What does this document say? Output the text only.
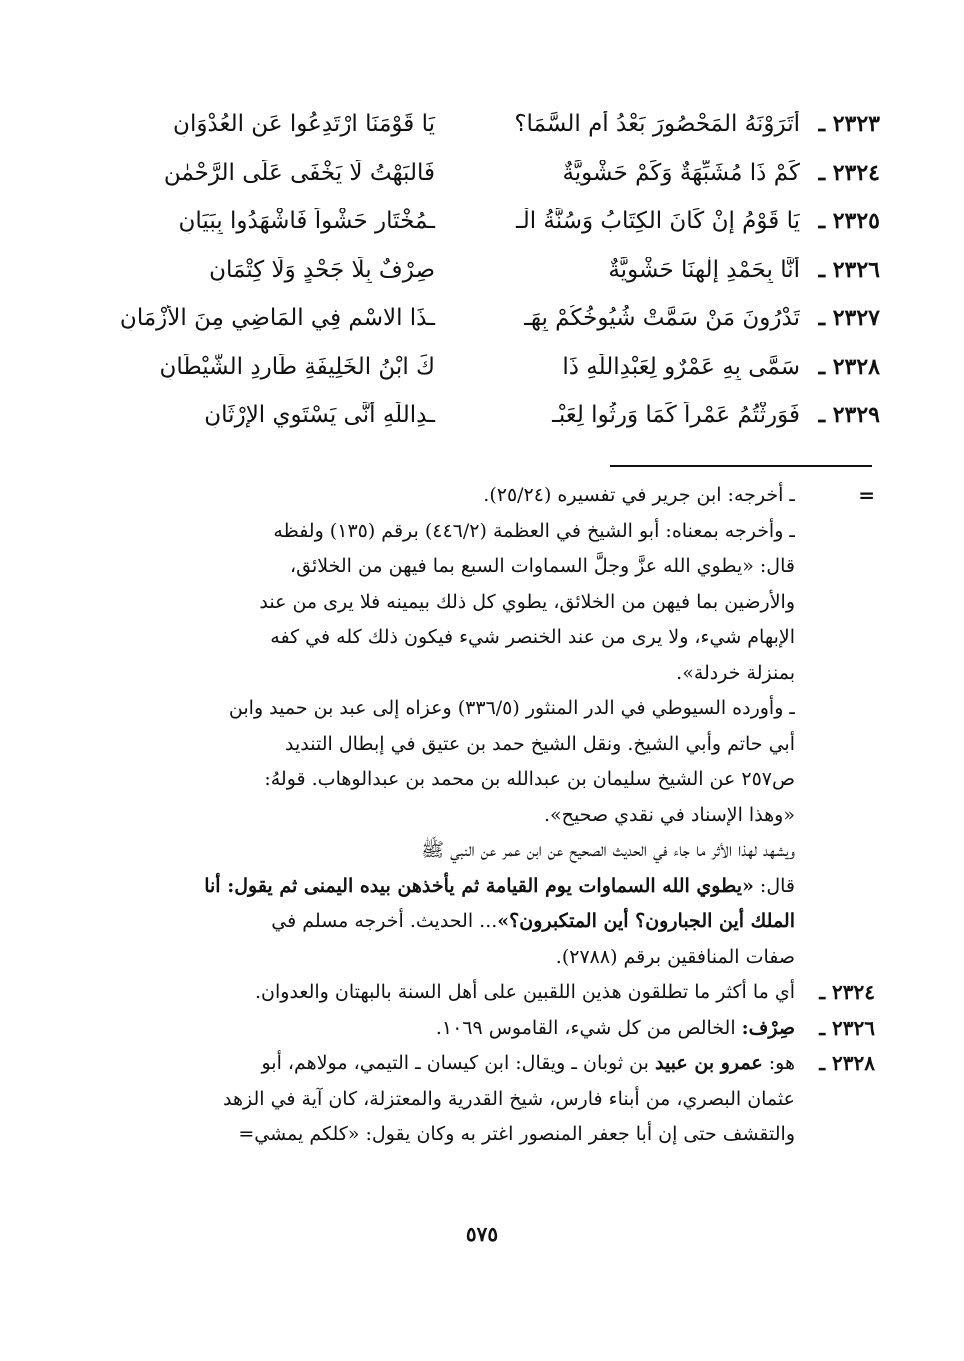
٢٣٢٣ ـ
أَتَرَوْنَهُ المَحْصُورَ بَعْدُ أَمِ السَّمَا؟
يَا قَوْمَنَا ارْتَدِعُوا عَنِ العُدْوَانِ
٢٣٢٤ ـ
كَمْ ذَا مُشَبِّهَةٌ وَكَمْ حَشْوِيَّةٌ
فَالبَهْتُ لَا يَخْفَى عَلَى الرَّحْمٰنِ
٢٣٢٥ ـ
يَا قَوْمُ إِنْ كَانَ الكِتَابُ وَسُنَّةُ الْـ
ـمُخْتَارِ حَشْواً فَاشْهَدُوا بِبَيَانِ
٢٣٢٦ ـ
أَنَّا بِحَمْدِ إِلٰهِنَا حَشْوِيَّةٌ
صِرْفٌ بِلَا جَحْدٍ وَلَا كِتْمَانِ
٢٣٢٧ ـ
تَدْرُونَ مَنْ سَمَّتْ شُيُوخُكُمْ بِهَـ
ـذَا الاسْمِ فِي المَاضِي مِنَ الأَزْمَانِ
٢٣٢٨ ـ
سَمَّى بِهِ عَمْرٌو لِعَبْدِاللّٰهِ ذَا
كَ ابْنُ الخَلِيفَةِ طَارِدِ الشَّيْطَانِ
٢٣٢٩ ـ
فَوَرِثْتُمُ عَمْراً كَمَا وَرِثُوا لِعَبْـ
ـدِاللّٰهِ أَنَّى يَسْتَوِي الإِرْثَانِ
=
ـ أخرجه: ابن جرير في تفسيره (٢٥/٢٤).
ـ وأخرجه بمعناه: أبو الشيخ في العظمة (٤٤٦/٢) برقم (١٣٥) ولفظه
قال: «يطوي الله عزَّ وجلَّ السماوات السبع بما فيهن من الخلائق،
والأرضين بما فيهن من الخلائق، يطوي كل ذلك بيمينه فلا يرى من عند
الإبهام شيء، ولا يرى من عند الخنصر شيء فيكون ذلك كله في كفه
بمنزلة خردلة».
ـ وأورده السيوطي في الدر المنثور (٣٣٦/٥) وعزاه إلى عبد بن حميد وابن
أبي حاتم وأبي الشيخ. ونقل الشيخ حمد بن عتيق في إبطال التنديد
ص٢٥٧ عن الشيخ سليمان بن عبدالله بن محمد بن عبدالوهاب. قولهُ:
«وهذا الإسناد في نقدي صحيح».
ويشهد لهذا الأثر ما جاء في الحديث الصحيح عن ابن عمر عن النبي ﷺ
قال: «يطوي الله السماوات يوم القيامة ثم يأخذهن بيده اليمنى ثم يقول: أنا
الملك أين الجبارون؟ أين المتكبرون؟»... الحديث. أخرجه مسلم في
صفات المنافقين برقم (٢٧٨٨).
٢٣٢٤ ـ
أي ما أكثر ما تطلقون هذين اللقبين على أهل السنة بالبهتان والعدوان.
٢٣٢٦ ـ
صِرْف: الخالص من كل شيء، القاموس ١٠٦٩.
٢٣٢٨ ـ
هو: عمرو بن عبيد بن ثوبان ـ ويقال: ابن كيسان ـ التيمي، مولاهم، أبو
عثمان البصري، من أبناء فارس، شيخ القدرية والمعتزلة، كان آية في الزهد
والتقشف حتى إن أبا جعفر المنصور اغتر به وكان يقول: «كلكم يمشي=
٥٧٥
